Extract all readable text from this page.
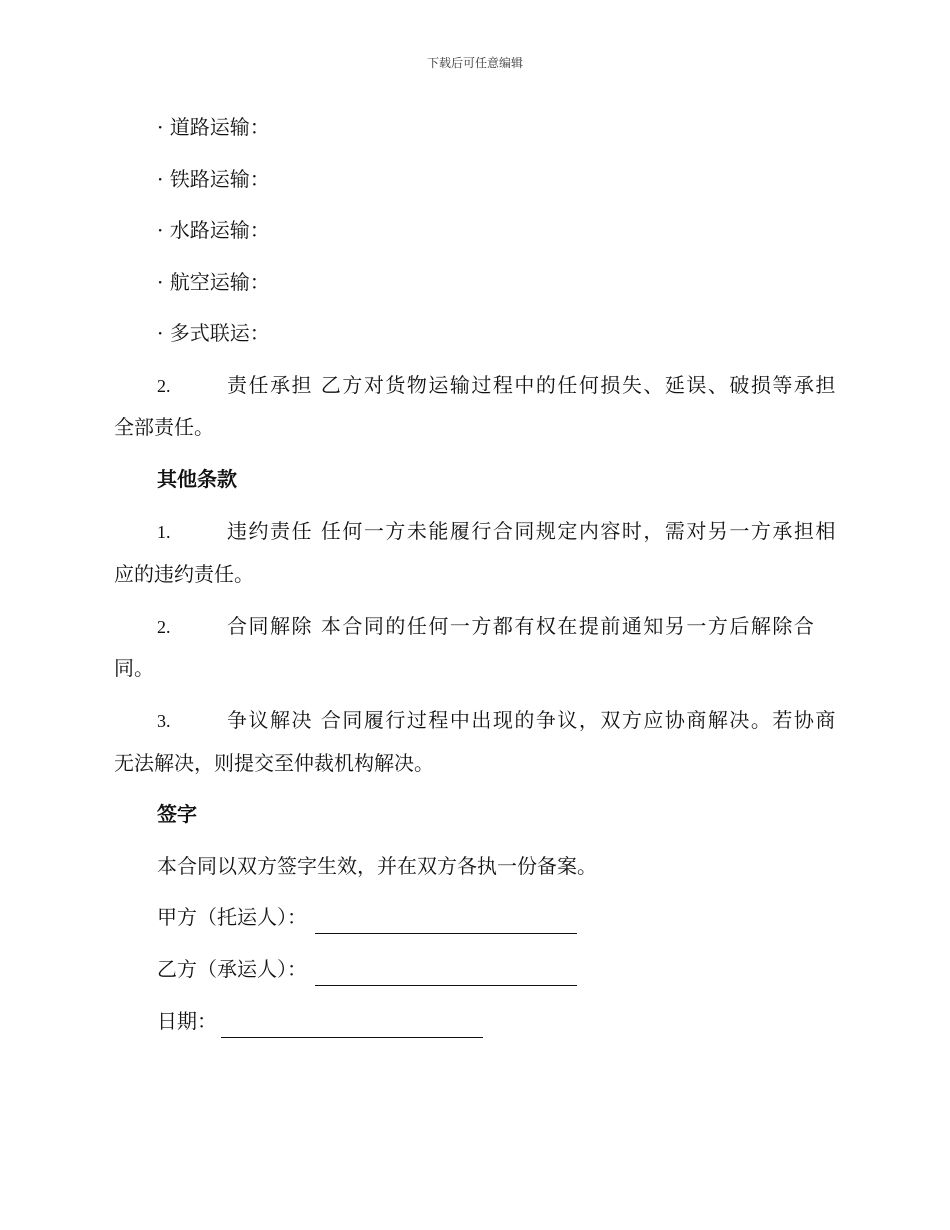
下载后可任意编辑
· 道路运输：
· 铁路运输：
· 水路运输：
· 航空运输：
· 多式联运：
2.	责任承担 乙方对货物运输过程中的任何损失、延误、破损等承担
全部责任。
其他条款
1.	违约责任 任何一方未能履行合同规定内容时，需对另一方承担相
应的违约责任。
2.	合同解除 本合同的任何一方都有权在提前通知另一方后解除合
同。
3.	争议解决 合同履行过程中出现的争议，双方应协商解决。若协商
无法解决，则提交至仲裁机构解决。
签字
本合同以双方签字生效，并在双方各执一份备案。
甲方（托运人）：
乙方（承运人）：
日期：
